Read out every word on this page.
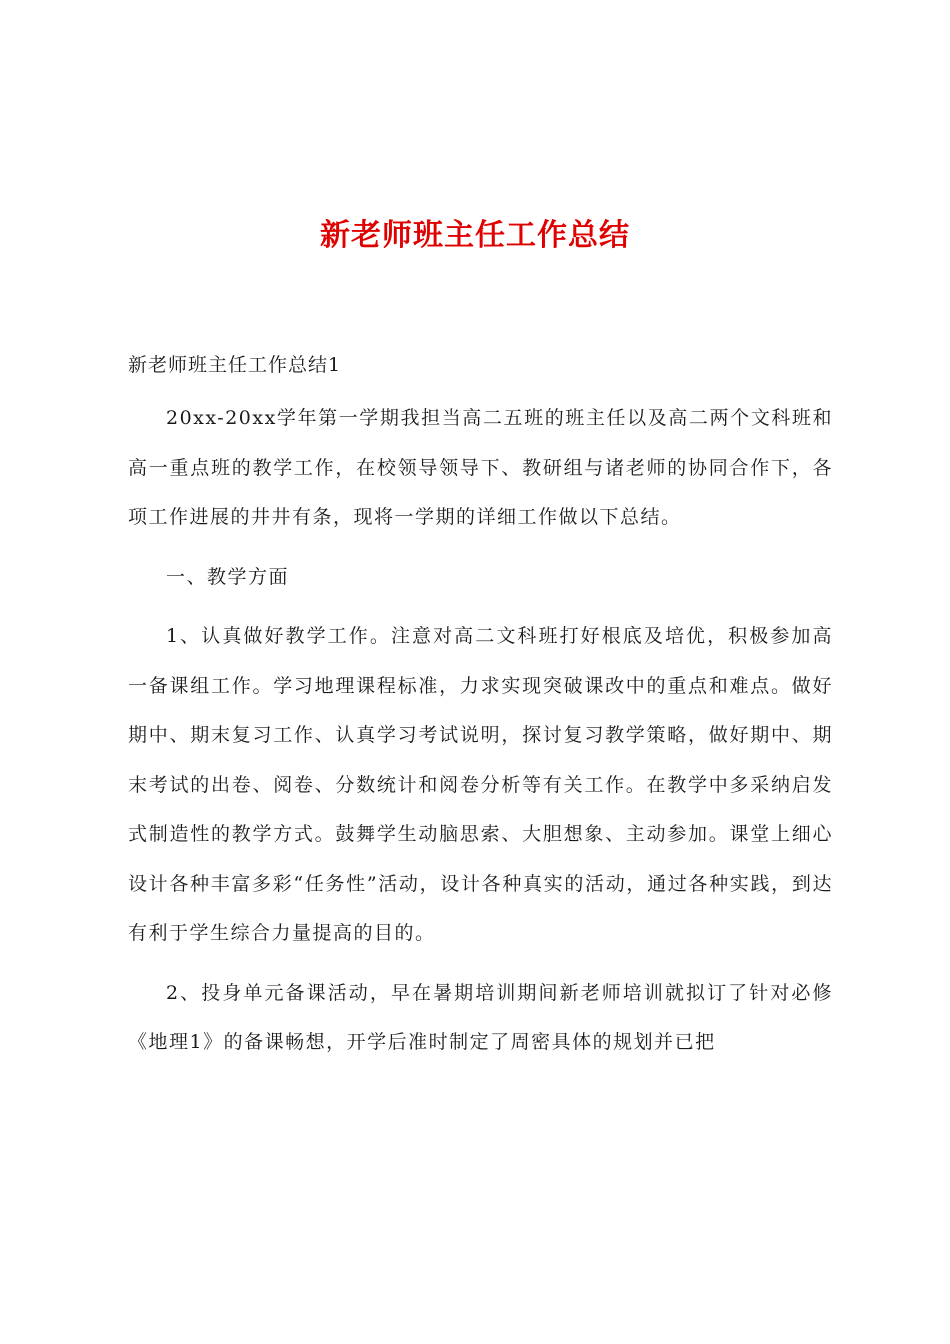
新老师班主任工作总结

新老师班主任工作总结1

20xx-20xx学年第一学期我担当高二五班的班主任以及高二两个文科班和高一重点班的教学工作，在校领导领导下、教研组与诸老师的协同合作下，各项工作进展的井井有条，现将一学期的详细工作做以下总结。

一、教学方面

1、认真做好教学工作。注意对高二文科班打好根底及培优，积极参加高一备课组工作。学习地理课程标准，力求实现突破课改中的重点和难点。做好期中、期末复习工作、认真学习考试说明，探讨复习教学策略，做好期中、期末考试的出卷、阅卷、分数统计和阅卷分析等有关工作。在教学中多采纳启发式制造性的教学方式。鼓舞学生动脑思索、大胆想象、主动参加。课堂上细心设计各种丰富多彩“任务性”活动，设计各种真实的活动，通过各种实践，到达有利于学生综合力量提高的目的。

2、投身单元备课活动，早在暑期培训期间新老师培训就拟订了针对必修《地理1》的备课畅想，开学后准时制定了周密具体的规划并已把
